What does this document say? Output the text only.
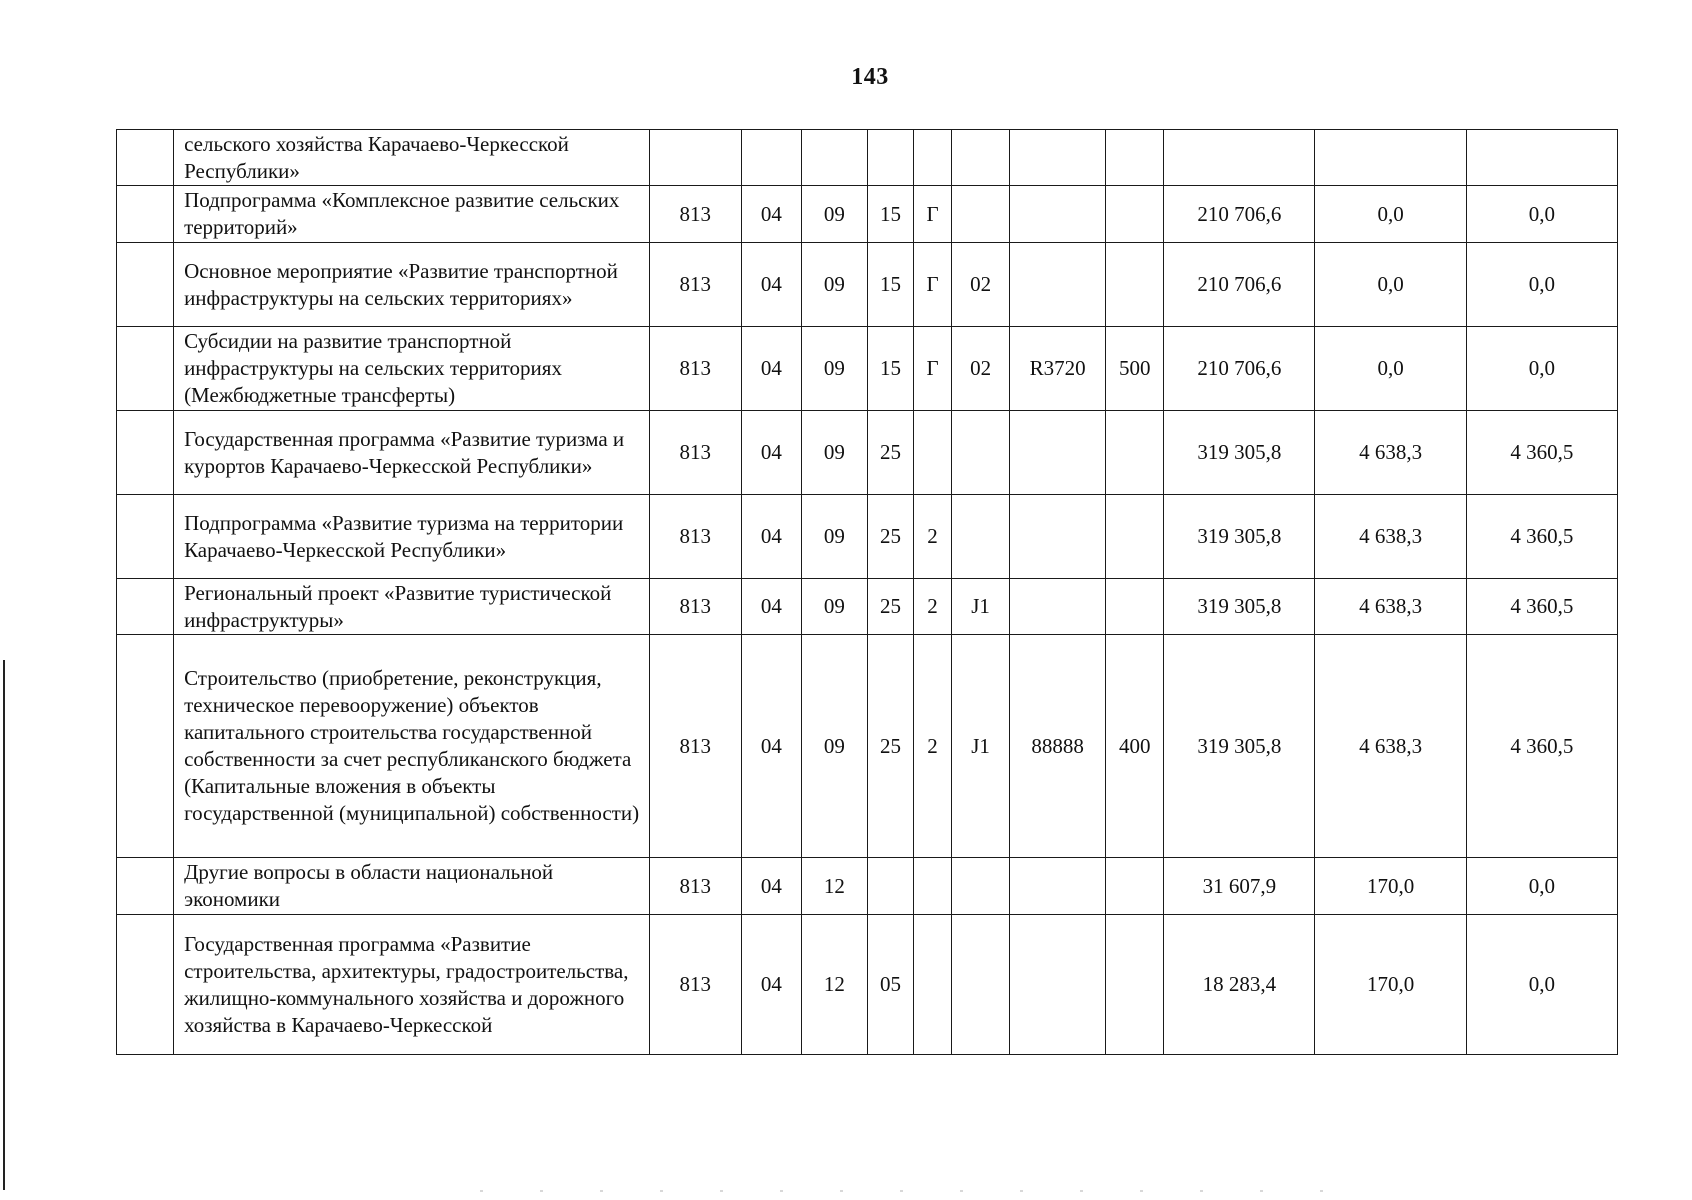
143
	сельского хозяйства Карачаево-Черкесской Республики»											
	Подпрограмма «Комплексное развитие сельских территорий»	813	04	09	15	Г				210 706,6	0,0	0,0
	Основное мероприятие «Развитие транспортной инфраструктуры на сельских территориях»	813	04	09	15	Г	02			210 706,6	0,0	0,0
	Субсидии на развитие транспортной инфраструктуры на сельских территориях (Межбюджетные трансферты)	813	04	09	15	Г	02	R3720	500	210 706,6	0,0	0,0
	Государственная программа «Развитие туризма и курортов Карачаево-Черкесской Республики»	813	04	09	25					319 305,8	4 638,3	4 360,5
	Подпрограмма «Развитие туризма на территории Карачаево-Черкесской Республики»	813	04	09	25	2				319 305,8	4 638,3	4 360,5
	Региональный проект «Развитие туристической инфраструктуры»	813	04	09	25	2	J1			319 305,8	4 638,3	4 360,5
	Строительство (приобретение, реконструкция, техническое перевооружение) объектов капитального строительства государственной собственности за счет республиканского бюджета (Капитальные вложения в объекты государственной (муниципальной) собственности)	813	04	09	25	2	J1	88888	400	319 305,8	4 638,3	4 360,5
	Другие вопросы в области национальной экономики	813	04	12						31 607,9	170,0	0,0
	Государственная программа «Развитие строительства, архитектуры, градостроительства, жилищно-коммунального хозяйства и дорожного хозяйства в Карачаево-Черкесской	813	04	12	05					18 283,4	170,0	0,0
